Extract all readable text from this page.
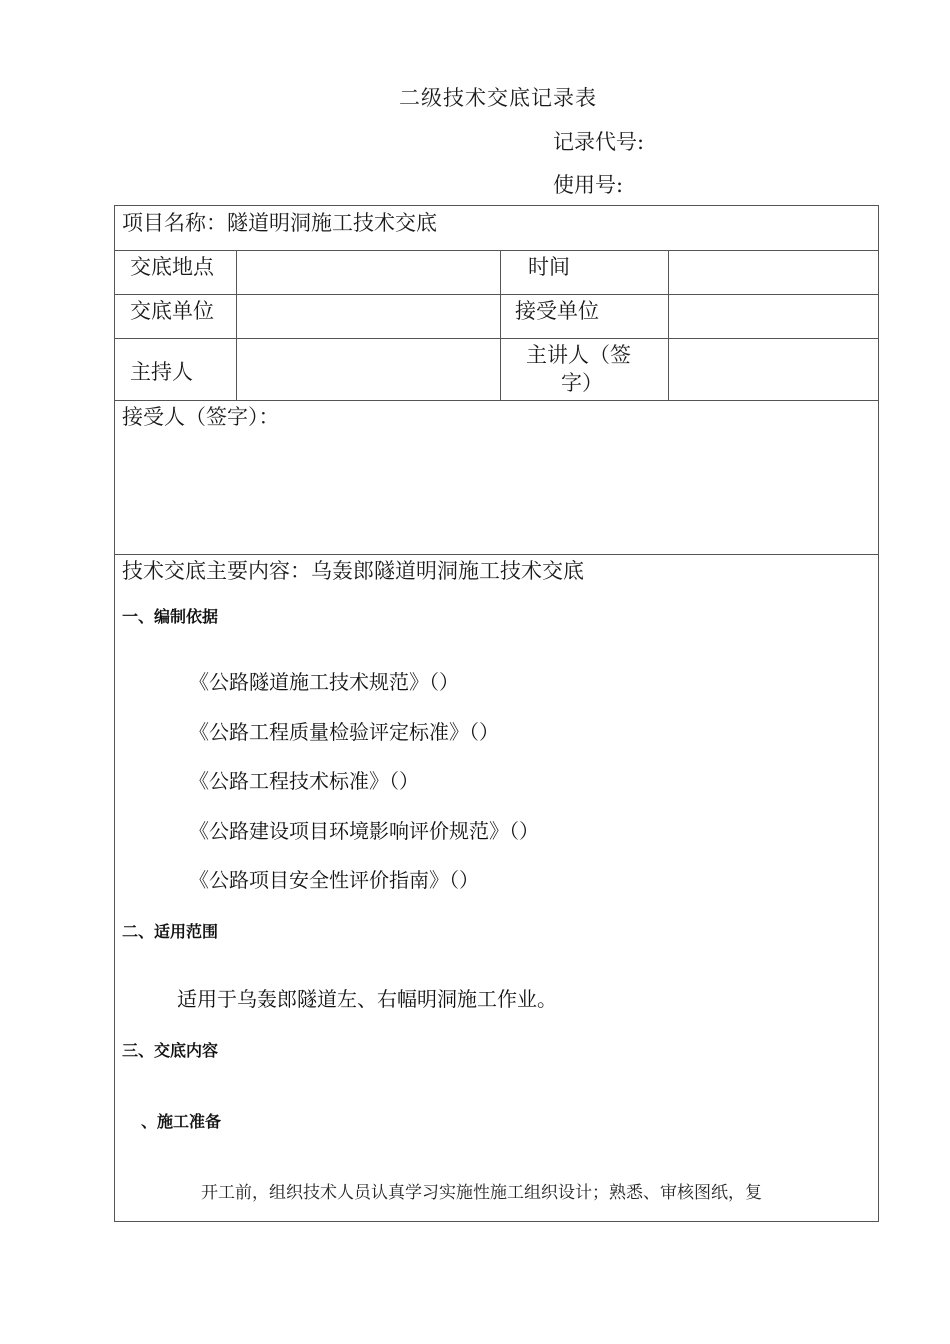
二级技术交底记录表
记录代号:
使用号:
项目名称：隧道明洞施工技术交底
交底地点	时间
交底单位	接受单位
主持人
主讲人（签
字）
接受人（签字）：
技术交底主要内容：乌轰郎隧道明洞施工技术交底
一、编制依据
《公路隧道施工技术规范》（）
《公路工程质量检验评定标准》（）
《公路工程技术标准》（）
《公路建设项目环境影响评价规范》（）
《公路项目安全性评价指南》（）
二、适用范围
适用于乌轰郎隧道左、右幅明洞施工作业。
三、交底内容
、施工准备
开工前，组织技术人员认真学习实施性施工组织设计；熟悉、审核图纸，复
